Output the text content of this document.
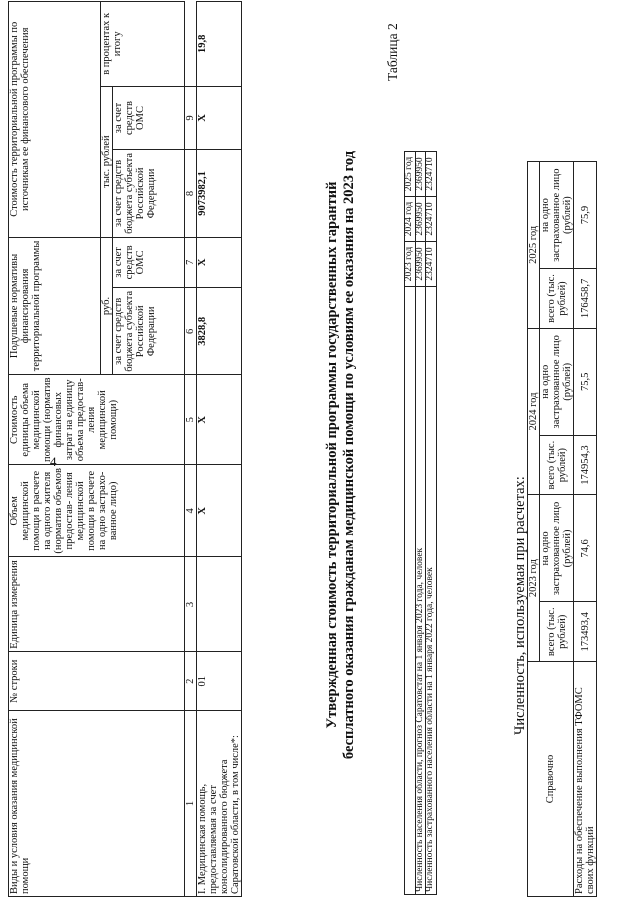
4
Справочно	2023 год		2024 год		2025 год	
	всего (тыс. рублей)	на одно застрахованное лицо (рублей)	всего (тыс. рублей)	на одно застрахованное лицо (рублей)	всего (тыс. рублей)	на одно застрахованное лицо (рублей)
Расходы на обеспечение выполнения ТФОМС своих функций	173493,4	74,6	174954,3	75,5	176458,7	75,9
Численность, используемая при расчетах:
	2023 год	2024 год	2025 год
Численность населения области, прогноз Саратовстат на 1 января 2023 года, человек	2369950	2369950	2369950
Численность застрахованного населения области на 1 января 2022 года, человек	2324710	2324710	2324710
Таблица 2
Утвержденная стоимость территориальной программы государственных гарантий бесплатного оказания гражданам медицинской помощи по условиям ее оказания на 2023 год
Виды и условия оказания медицинской помощи	№ строки	Единица измерения	Объем медицинской помощи в расчете на одного жителя (норматив объемов предостав- ления медицинской помощи в расчете на одно застрахо- ванное лицо)	Стоимость единицы объема медицинской помощи (норматив финансовых затрат на единицу объема предостав- ления медицинской помощи)	Подушевые нормативы финансирования территориальной программы		Стоимость территориальной программы по источникам ее финансового обеспечения		
					руб.		тыс. рублей		в процентах к итогу
					за счет средств бюджета субъекта Российской Федерации	за счет средств ОМС	за счет средств бюджета субъекта Российской Федерации	за счет средств ОМС	
1	2	3	4	5	6	7	8	9	
I. Медицинская помощь, предоставляемая за счет консолидированного бюджета Саратовской области, в том числе*:	01		X	X	3828,8	X	9073982,1	X	19,8
